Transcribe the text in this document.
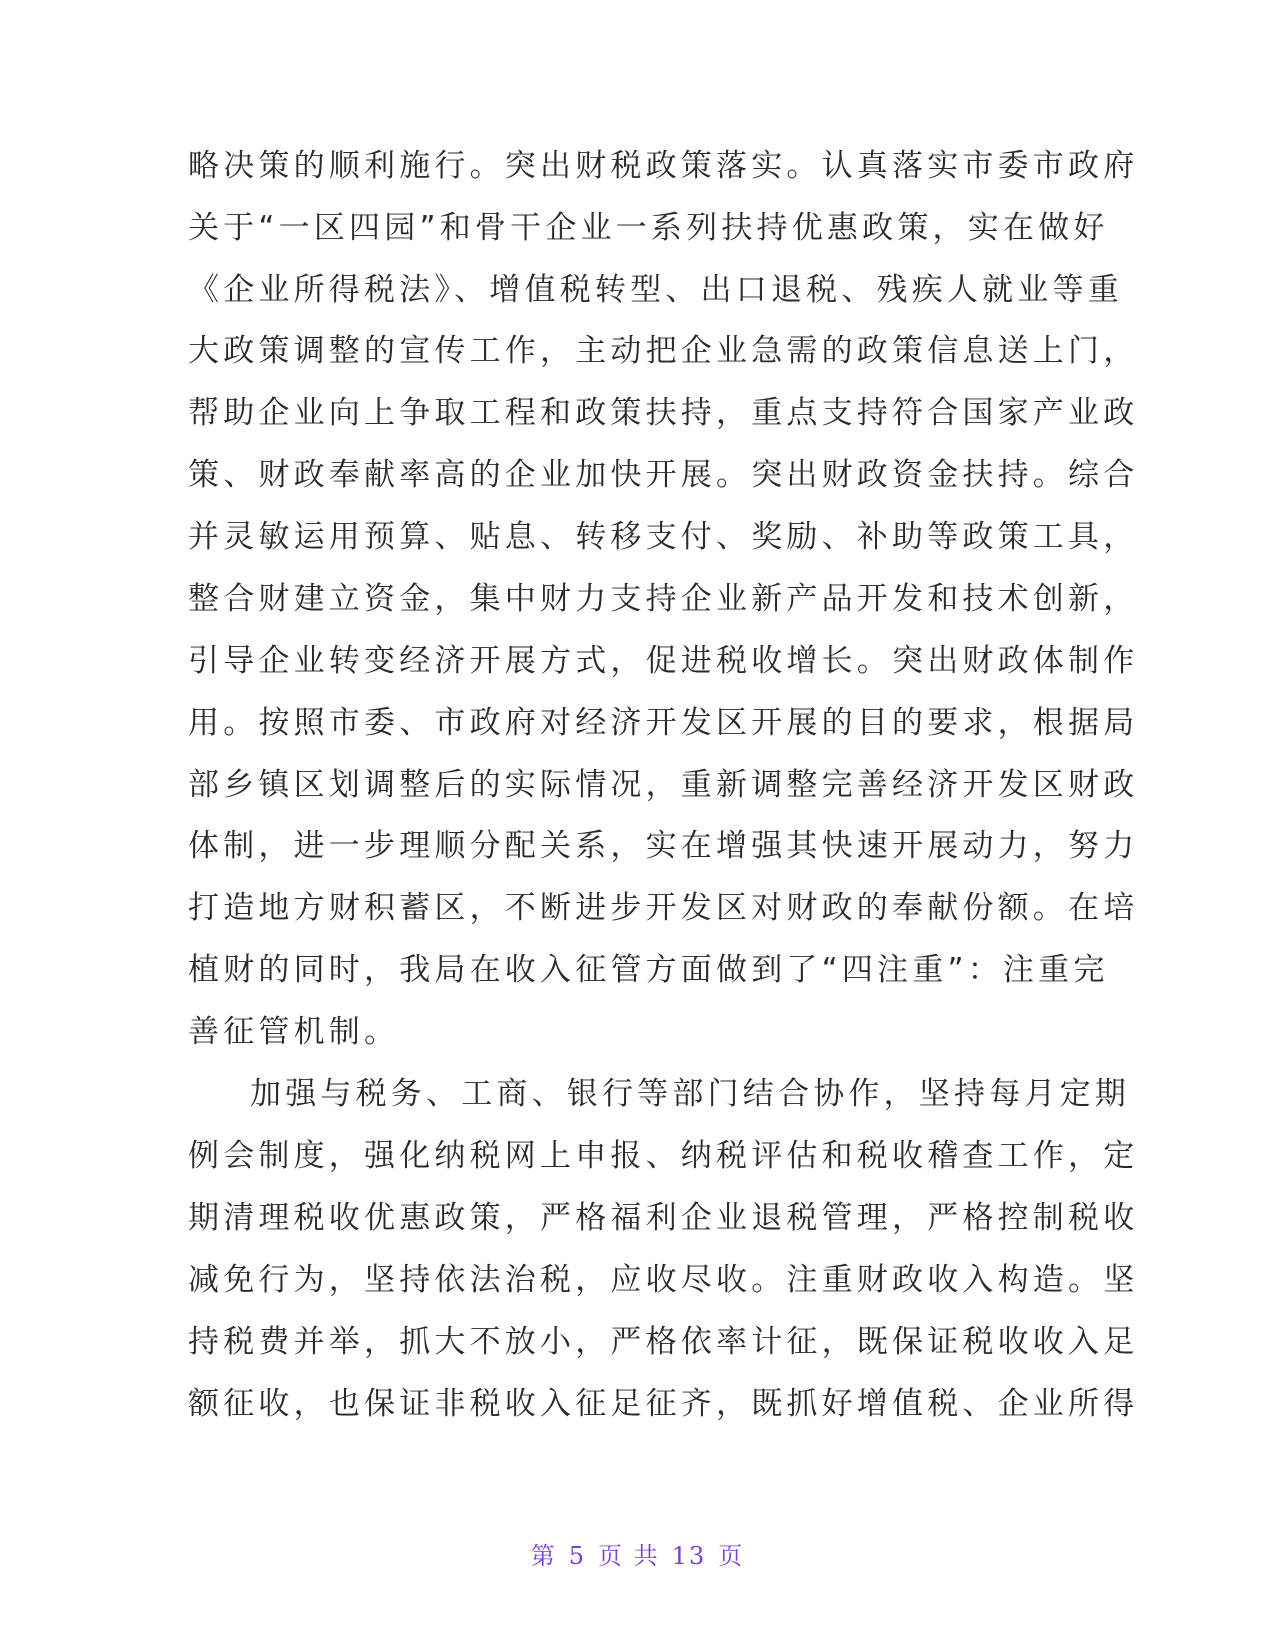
略决策的顺利施行。突出财税政策落实。认真落实市委市政府
关于“一区四园”和骨干企业一系列扶持优惠政策，实在做好
《企业所得税法》、增值税转型、出口退税、残疾人就业等重
大政策调整的宣传工作，主动把企业急需的政策信息送上门，
帮助企业向上争取工程和政策扶持，重点支持符合国家产业政
策、财政奉献率高的企业加快开展。突出财政资金扶持。综合
并灵敏运用预算、贴息、转移支付、奖励、补助等政策工具，
整合财建立资金，集中财力支持企业新产品开发和技术创新，
引导企业转变经济开展方式，促进税收增长。突出财政体制作
用。按照市委、市政府对经济开发区开展的目的要求，根据局
部乡镇区划调整后的实际情况，重新调整完善经济开发区财政
体制，进一步理顺分配关系，实在增强其快速开展动力，努力
打造地方财积蓄区，不断进步开发区对财政的奉献份额。在培
植财的同时，我局在收入征管方面做到了“四注重”：注重完
善征管机制。
加强与税务、工商、银行等部门结合协作，坚持每月定期
例会制度，强化纳税网上申报、纳税评估和税收稽查工作，定
期清理税收优惠政策，严格福利企业退税管理，严格控制税收
减免行为，坚持依法治税，应收尽收。注重财政收入构造。坚
持税费并举，抓大不放小，严格依率计征，既保证税收收入足
额征收，也保证非税收入征足征齐，既抓好增值税、企业所得
第 5 页 共 13 页
